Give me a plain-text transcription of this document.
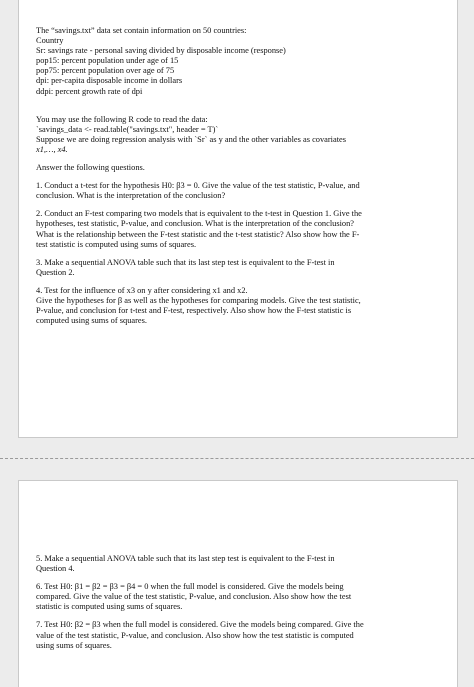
The “savings.txt” data set contain information on 50 countries:
Country
Sr: savings rate - personal saving divided by disposable income (response)
pop15: percent population under age of 15
pop75: percent population over age of 75
dpi: per-capita disposable income in dollars
ddpi: percent growth rate of dpi
You may use the following R code to read the data:
`savings_data <- read.table("savings.txt", header = T)`
Suppose we are doing regression analysis with `Sr` as y and the other variables as covariates
x1,…, x4.
Answer the following questions.
1. Conduct a t-test for the hypothesis H0: β3 = 0. Give the value of the test statistic, P-value, and
conclusion. What is the interpretation of the conclusion?
2. Conduct an F-test comparing two models that is equivalent to the t-test in Question 1. Give the
hypotheses, test statistic, P-value, and conclusion. What is the interpretation of the conclusion?
What is the relationship between the F-test statistic and the t-test statistic? Also show how the F-
test statistic is computed using sums of squares.
3. Make a sequential ANOVA table such that its last step test is equivalent to the F-test in
Question 2.
4. Test for the influence of x3 on y after considering x1 and x2.
Give the hypotheses for β as well as the hypotheses for comparing models. Give the test statistic,
P-value, and conclusion for t-test and F-test, respectively. Also show how the F-test statistic is
computed using sums of squares.
5. Make a sequential ANOVA table such that its last step test is equivalent to the F-test in
Question 4.
6. Test H0: β1 = β2 = β3 = β4 = 0 when the full model is considered. Give the models being
compared. Give the value of the test statistic, P-value, and conclusion. Also show how the test
statistic is computed using sums of squares.
7. Test H0: β2 = β3 when the full model is considered. Give the models being compared. Give the
value of the test statistic, P-value, and conclusion. Also show how the test statistic is computed
using sums of squares.
